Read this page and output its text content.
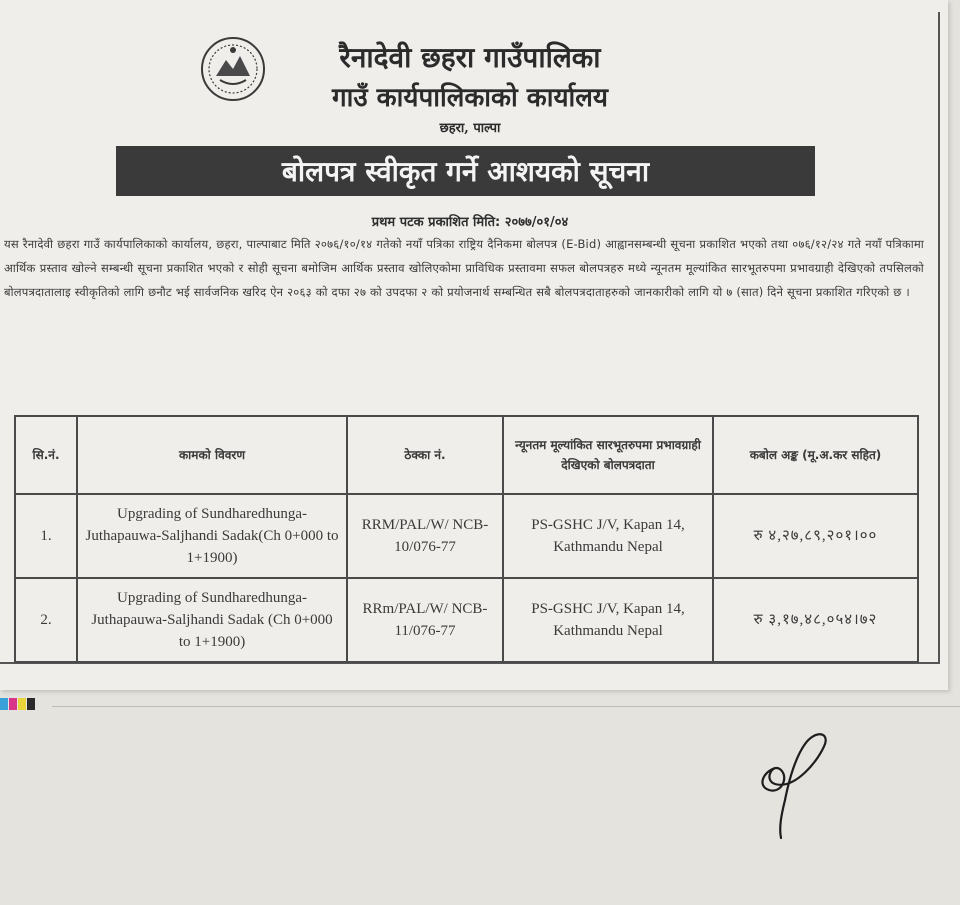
रैनादेवी छहरा गाउँपालिका
गाउँ कार्यपालिकाको कार्यालय
छहरा, पाल्पा
बोलपत्र स्वीकृत गर्ने आशयको सूचना
प्रथम पटक प्रकाशित मिति: २०७७/०१/०४
यस रैनादेवी छहरा गाउँ कार्यपालिकाको कार्यालय, छहरा, पाल्पाबाट मिति २०७६/१०/१४ गतेको नयाँ पत्रिका राष्ट्रिय दैनिकमा बोलपत्र (E-Bid) आह्वानसम्बन्धी सूचना प्रकाशित भएको तथा ०७६/१२/२४ गते नयाँ पत्रिकामा आर्थिक प्रस्ताव खोल्ने सम्बन्धी सूचना प्रकाशित भएको र सोही सूचना बमोजिम आर्थिक प्रस्ताव खोलिएकोमा प्राविधिक प्रस्तावमा सफल बोलपत्रहरु मध्ये न्यूनतम मूल्यांकित सारभूतरुपमा प्रभावग्राही देखिएको तपसिलको बोलपत्रदातालाइ स्वीकृतिको लागि छनौट भई सार्वजनिक खरिद ऐन २०६३ को दफा २७ को उपदफा २ को प्रयोजनार्थ सम्बन्धित सबै बोलपत्रदाताहरुको जानकारीको लागि यो ७ (सात) दिने सूचना प्रकाशित गरिएको छ ।
सि.नं.	कामको विवरण	ठेक्का नं.	न्यूनतम मूल्यांकित सारभूतरुपमा प्रभावग्राही देखिएको बोलपत्रदाता	कबोल अङ्क (मू.अ.कर सहित)
1.	Upgrading of Sundharedhunga-Juthapauwa-Saljhandi Sadak(Ch 0+000 to 1+1900)	RRM/PAL/W/ NCB-10/076-77	PS-GSHC J/V, Kapan 14, Kathmandu Nepal	रु ४,२७,८९,२०१।००
2.	Upgrading of Sundharedhunga-Juthapauwa-Saljhandi Sadak (Ch 0+000 to 1+1900)	RRm/PAL/W/ NCB-11/076-77	PS-GSHC J/V, Kapan 14, Kathmandu Nepal	रु ३,१७,४८,०५४।७२
